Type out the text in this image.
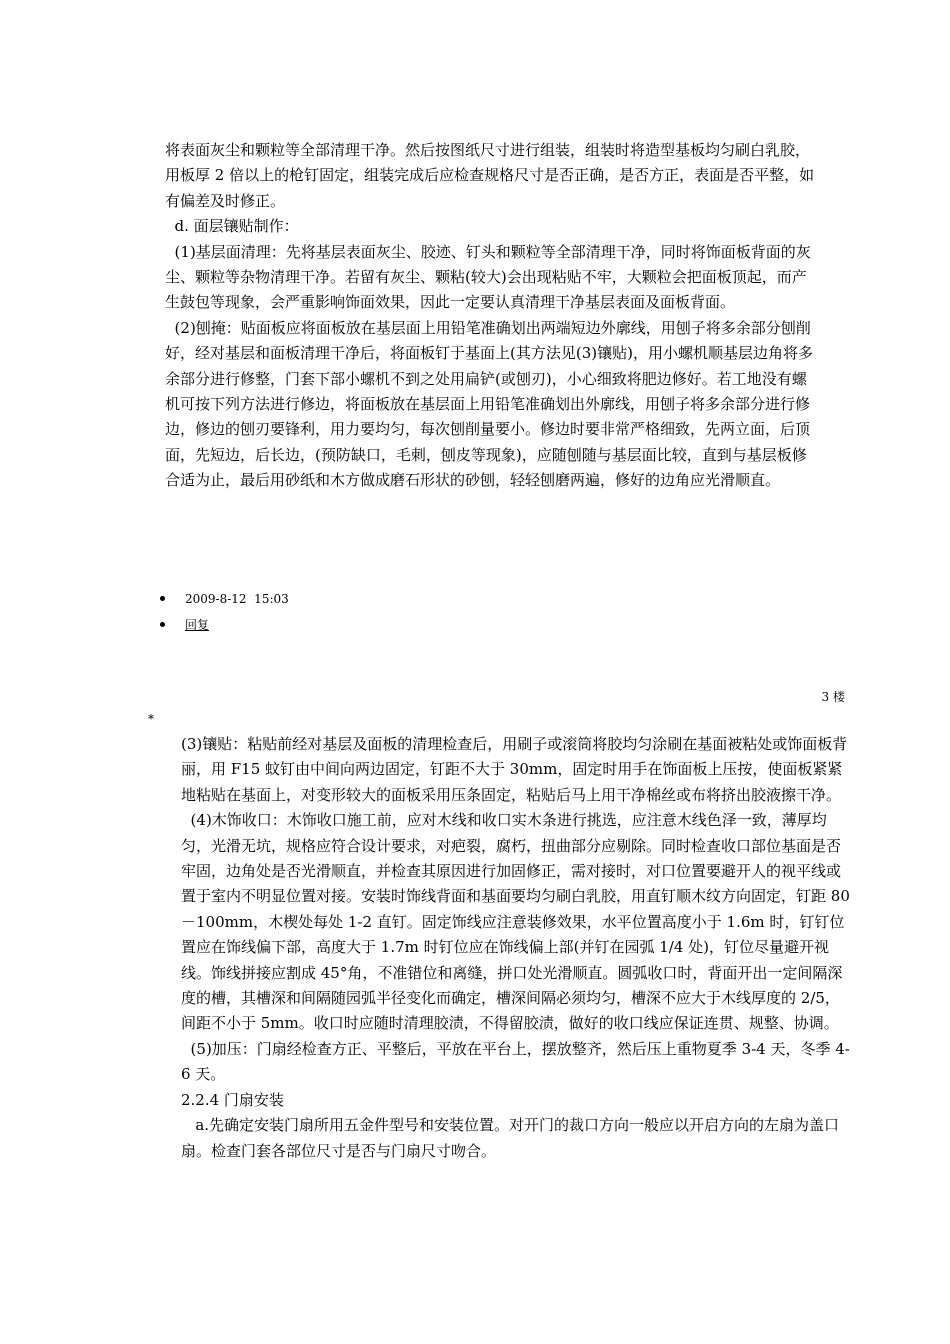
将表面灰尘和颗粒等全部清理干净。然后按图纸尺寸进行组装，组装时将造型基板均匀刷白乳胶，用板厚 2 倍以上的枪钉固定，组装完成后应检查规格尺寸是否正确，是否方正，表面是否平整，如有偏差及时修正。

d. 面层镶贴制作：

(1)基层面清理：先将基层表面灰尘、胶迹、钉头和颗粒等全部清理干净，同时将饰面板背面的灰尘、颗粒等杂物清理干净。若留有灰尘、颗粘(较大)会出现粘贴不牢，大颗粒会把面板顶起，而产生鼓包等现象，会严重影响饰面效果，因此一定要认真清理干净基层表面及面板背面。

(2)刨掩：贴面板应将面板放在基层面上用铅笔准确划出两端短边外廓线，用刨子将多余部分刨削好，经对基层和面板清理干净后，将面板钉于基面上(其方法见(3)镶贴)，用小螺机顺基层边角将多余部分进行修整，门套下部小螺机不到之处用扁铲(或刨刃)，小心细致将肥边修好。若工地没有螺机可按下列方法进行修边，将面板放在基层面上用铅笔准确划出外廓线，用刨子将多余部分进行修边，修边的刨刃要锋利，用力要均匀，每次刨削量要小。修边时要非常严格细致，先两立面，后顶面，先短边，后长边，(预防缺口，毛刺，刨皮等现象)，应随刨随与基层面比较，直到与基层板修合适为止，最后用砂纸和木方做成磨石形状的砂刨，轻轻刨磨两遍，修好的边角应光滑顺直。

2009-8-12  15:03
回复
3 楼
*

(3)镶贴：粘贴前经对基层及面板的清理检查后，用刷子或滚筒将胶均匀涂刷在基面被粘处或饰面板背丽，用 F15 蚊钉由中间向两边固定，钉距不大于 30mm，固定时用手在饰面板上压按，使面板紧紧地粘贴在基面上，对变形较大的面板采用压条固定，粘贴后马上用干净棉丝或布将挤出胶液擦干净。

(4)木饰收口：木饰收口施工前，应对木线和收口实木条进行挑选，应注意木线色泽一致，薄厚均匀，光滑无坑，规格应符合设计要求，对疤裂，腐朽，扭曲部分应剔除。同时检查收口部位基面是否牢固，边角处是否光滑顺直，并检查其原因进行加固修正，需对接时，对口位置要避开人的视平线或置于室内不明显位置对接。安装时饰线背面和基面要均匀刷白乳胶，用直钉顺木纹方向固定，钉距 80－100mm，木楔处每处 1-2 直钉。固定饰线应注意装修效果，水平位置高度小于 1.6m 时，钉钉位置应在饰线偏下部，高度大于 1.7m 时钉位应在饰线偏上部(并钉在园弧 1/4 处)，钉位尽量避开视线。饰线拼接应割成 45°角，不准错位和离缝，拼口处光滑顺直。圆弧收口时，背面开出一定间隔深度的槽，其槽深和间隔随园弧半径变化而确定，槽深间隔必须均匀，槽深不应大于木线厚度的 2/5，间距不小于 5mm。收口时应随时清理胶渍，不得留胶渍，做好的收口线应保证连贯、规整、协调。

(5)加压：门扇经检查方正、平整后，平放在平台上，摆放整齐，然后压上重物夏季 3-4 天，冬季 4-6 天。

2.2.4 门扇安装

a.先确定安装门扇所用五金件型号和安装位置。对开门的裁口方向一般应以开启方向的左扇为盖口扇。检查门套各部位尺寸是否与门扇尺寸吻合。
